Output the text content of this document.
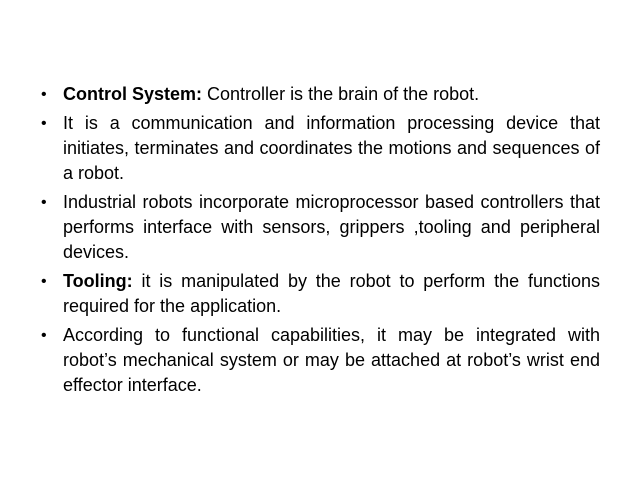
• Control System: Controller is the brain of the robot.
• It is a communication and information processing device that initiates, terminates and coordinates the motions and sequences of a robot.
• Industrial robots incorporate microprocessor based controllers that performs interface with sensors, grippers ,tooling and peripheral devices.
• Tooling: it is manipulated by the robot to perform the functions required for the application.
• According to functional capabilities, it may be integrated with robot’s mechanical system or may be attached at robot’s wrist end effector interface.
